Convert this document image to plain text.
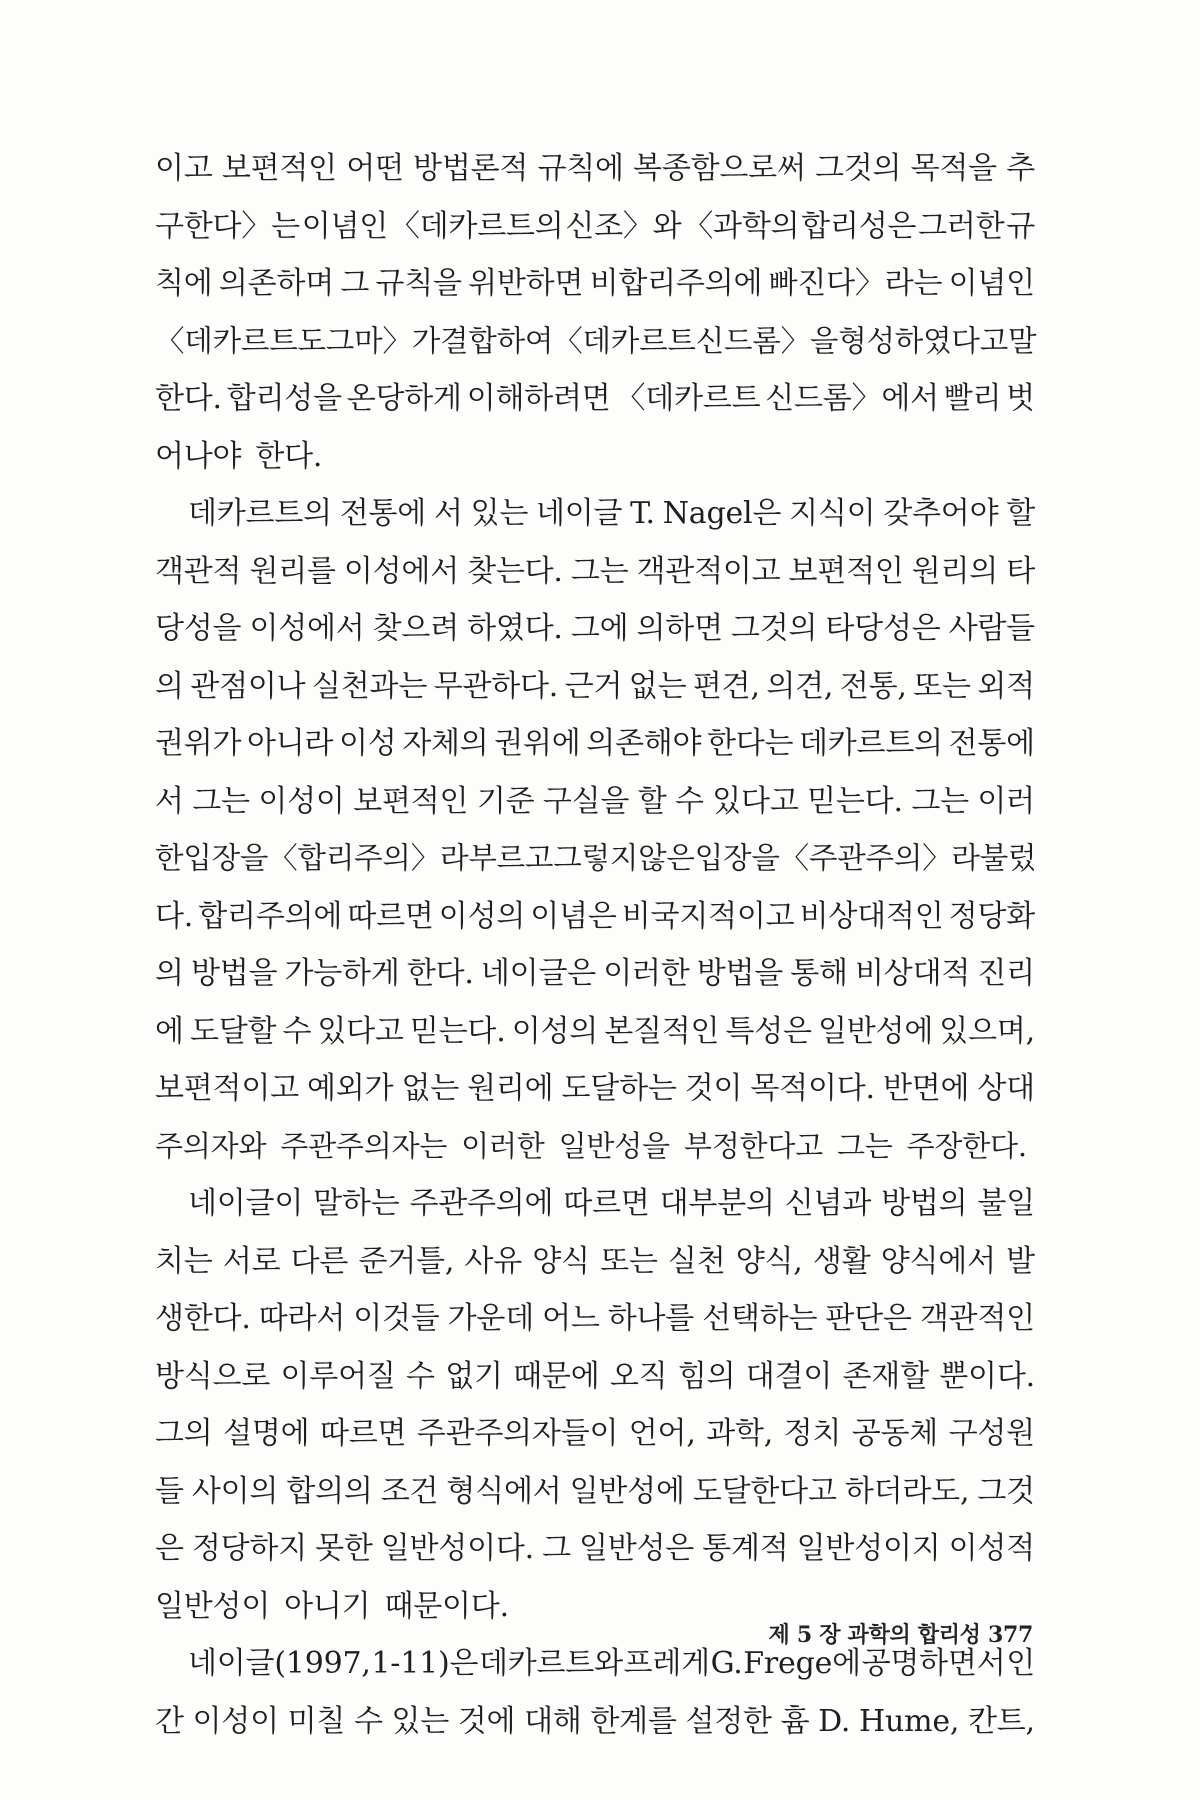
이고 보편적인 어떤 방법론적 규칙에 복종함으로써 그것의 목적을 추
구한다〉는 이념인 〈데카르트의 신조〉와 〈과학의 합리성은 그러한 규
칙에 의존하며 그 규칙을 위반하면 비합리주의에 빠진다〉라는 이념인
〈데카르트 도그마〉가 결합하여 〈데카르트 신드롬〉을 형성하였다고 말
한다. 합리성을 온당하게 이해하려면 〈데카르트 신드롬〉에서 빨리 벗
어나야 한다.
데카르트의 전통에 서 있는 네이글 T. Nagel은 지식이 갖추어야 할
객관적 원리를 이성에서 찾는다. 그는 객관적이고 보편적인 원리의 타
당성을 이성에서 찾으려 하였다. 그에 의하면 그것의 타당성은 사람들
의 관점이나 실천과는 무관하다. 근거 없는 편견, 의견, 전통, 또는 외적
권위가 아니라 이성 자체의 권위에 의존해야 한다는 데카르트의 전통에
서 그는 이성이 보편적인 기준 구실을 할 수 있다고 믿는다. 그는 이러
한 입장을 〈합리주의〉라 부르고 그렇지 않은 입장을 〈주관주의〉라 불렀
다. 합리주의에 따르면 이성의 이념은 비국지적이고 비상대적인 정당화
의 방법을 가능하게 한다. 네이글은 이러한 방법을 통해 비상대적 진리
에 도달할 수 있다고 믿는다. 이성의 본질적인 특성은 일반성에 있으며,
보편적이고 예외가 없는 원리에 도달하는 것이 목적이다. 반면에 상대
주의자와 주관주의자는 이러한 일반성을 부정한다고 그는 주장한다.
네이글이 말하는 주관주의에 따르면 대부분의 신념과 방법의 불일
치는 서로 다른 준거틀, 사유 양식 또는 실천 양식, 생활 양식에서 발
생한다. 따라서 이것들 가운데 어느 하나를 선택하는 판단은 객관적인
방식으로 이루어질 수 없기 때문에 오직 힘의 대결이 존재할 뿐이다.
그의 설명에 따르면 주관주의자들이 언어, 과학, 정치 공동체 구성원
들 사이의 합의의 조건 형식에서 일반성에 도달한다고 하더라도, 그것
은 정당하지 못한 일반성이다. 그 일반성은 통계적 일반성이지 이성적
일반성이 아니기 때문이다.
네이글(1997, 1-11)은 데카르트와 프레게 G. Frege에 공명하면서 인
간 이성이 미칠 수 있는 것에 대해 한계를 설정한 흄 D. Hume, 칸트,
제 5 장 과학의 합리성 377
